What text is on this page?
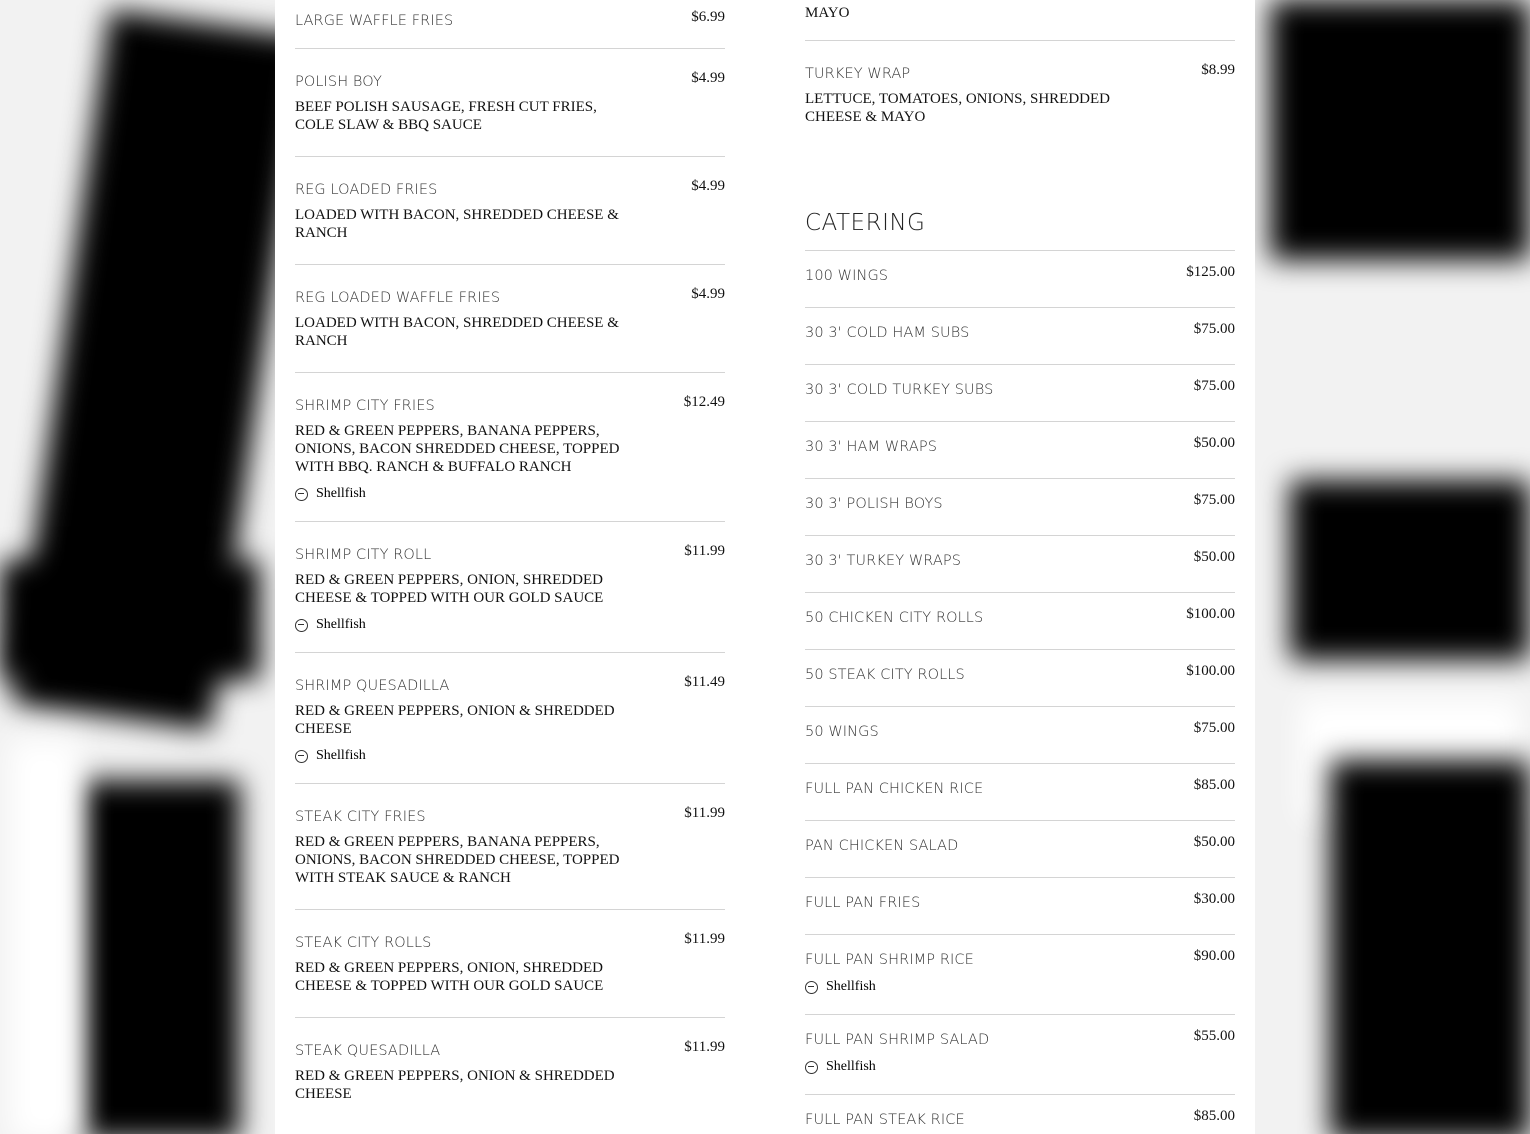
LARGE WAFFLE FRIES	$6.99
POLISH BOY	$4.99
BEEF POLISH SAUSAGE, FRESH CUT FRIES, COLE SLAW & BBQ SAUCE
REG LOADED FRIES	$4.99
LOADED WITH BACON, SHREDDED CHEESE & RANCH
REG LOADED WAFFLE FRIES	$4.99
LOADED WITH BACON, SHREDDED CHEESE & RANCH
SHRIMP CITY FRIES	$12.49
RED & GREEN PEPPERS, BANANA PEPPERS, ONIONS, BACON SHREDDED CHEESE, TOPPED WITH BBQ. RANCH & BUFFALO RANCH
Shellfish
SHRIMP CITY ROLL	$11.99
RED & GREEN PEPPERS, ONION, SHREDDED CHEESE & TOPPED WITH OUR GOLD SAUCE
Shellfish
SHRIMP QUESADILLA	$11.49
RED & GREEN PEPPERS, ONION & SHREDDED CHEESE
Shellfish
STEAK CITY FRIES	$11.99
RED & GREEN PEPPERS, BANANA PEPPERS, ONIONS, BACON SHREDDED CHEESE, TOPPED WITH STEAK SAUCE & RANCH
STEAK CITY ROLLS	$11.99
RED & GREEN PEPPERS, ONION, SHREDDED CHEESE & TOPPED WITH OUR GOLD SAUCE
STEAK QUESADILLA	$11.99
RED & GREEN PEPPERS, ONION & SHREDDED CHEESE
MAYO
TURKEY WRAP	$8.99
LETTUCE, TOMATOES, ONIONS, SHREDDED CHEESE & MAYO
CATERING
100 WINGS	$125.00
30 3' COLD HAM SUBS	$75.00
30 3' COLD TURKEY SUBS	$75.00
30 3' HAM WRAPS	$50.00
30 3' POLISH BOYS	$75.00
30 3' TURKEY WRAPS	$50.00
50 CHICKEN CITY ROLLS	$100.00
50 STEAK CITY ROLLS	$100.00
50 WINGS	$75.00
FULL PAN CHICKEN RICE	$85.00
PAN CHICKEN SALAD	$50.00
FULL PAN FRIES	$30.00
FULL PAN SHRIMP RICE	$90.00
Shellfish
FULL PAN SHRIMP SALAD	$55.00
Shellfish
FULL PAN STEAK RICE	$85.00
